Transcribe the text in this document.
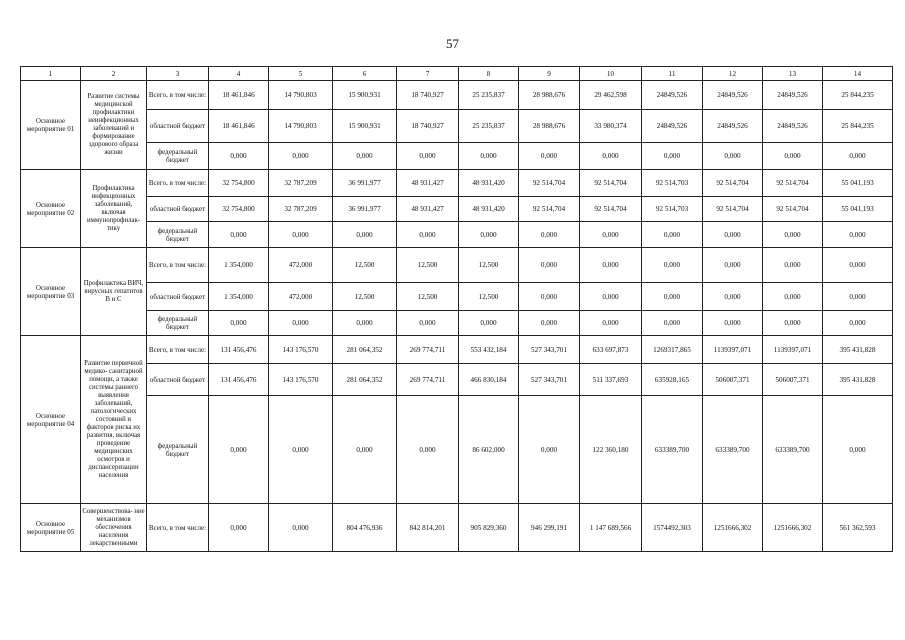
57
1	2	3	4	5	6	7	8	9	10	11	12	13	14
Основное мероприятие 01	Развитие системы медицинской профилактики неинфекционных заболеваний и формирование здорового образа жизни	Всего, в том числе:	18 461,846	14 790,803	15 900,931	18 740,927	25 235,837	28 988,676	29 462,598	24849,526	24849,526	24849,526	25 844,235
		областной бюджет	18 461,846	14 790,803	15 900,931	18 740,927	25 235,837	28 988,676	33 980,374	24849,526	24849,526	24849,526	25 844,235
		федеральный бюджет	0,000	0,000	0,000	0,000	0,000	0,000	0,000	0,000	0,000	0,000	0,000
Основное мероприятие 02	Профилактика инфекционных заболеваний, включая иммунопрофилак- тику	Всего, в том числе:	32 754,800	32 787,209	36 991,977	48 931,427	48 931,420	92 514,704	92 514,704	92 514,703	92 514,704	92 514,704	55 041,193
		областной бюджет	32 754,800	32 787,209	36 991,977	48 931,427	48 931,420	92 514,704	92 514,704	92 514,703	92 514,704	92 514,704	55 041,193
		федеральный бюджет	0,000	0,000	0,000	0,000	0,000	0,000	0,000	0,000	0,000	0,000	0,000
Основное мероприятие 03	Профилактика ВИЧ, вирусных гепатитов В и С	Всего, в том числе:	1 354,000	472,000	12,500	12,500	12,500	0,000	0,000	0,000	0,000	0,000	0,000
		областной бюджет	1 354,000	472,000	12,500	12,500	12,500	0,000	0,000	0,000	0,000	0,000	0,000
		федеральный бюджет	0,000	0,000	0,000	0,000	0,000	0,000	0,000	0,000	0,000	0,000	0,000
Основное мероприятие 04	Развитие первичной медико- санитарной помощи, а также системы раннего выявления заболеваний, патологических состояний и факторов риска их развития, включая проведение медицинских осмотров и диспансеризации населения	Всего, в том числе:	131 456,476	143 176,570	281 064,352	269 774,711	553 432,184	527 343,701	633 697,873	1269317,865	1139397,071	1139397,071	395 431,828
		областной бюджет	131 456,476	143 176,570	281 064,352	269 774,711	466 830,184	527 343,701	511 337,693	635928,165	506007,371	506007,371	395 431,828
		федеральный бюджет	0,000	0,000	0,000	0,000	86 602,000	0,000	122 360,180	633389,700	633389,700	633389,700	0,000
Основное мероприятие 05	Совершенствова- ние механизмов обеспечения населения лекарственными	Всего, в том числе:	0,000	0,000	804 476,936	842 814,201	905 829,360	946 299,191	1 147 689,566	1574492,303	1251666,302	1251666,302	561 362,593
